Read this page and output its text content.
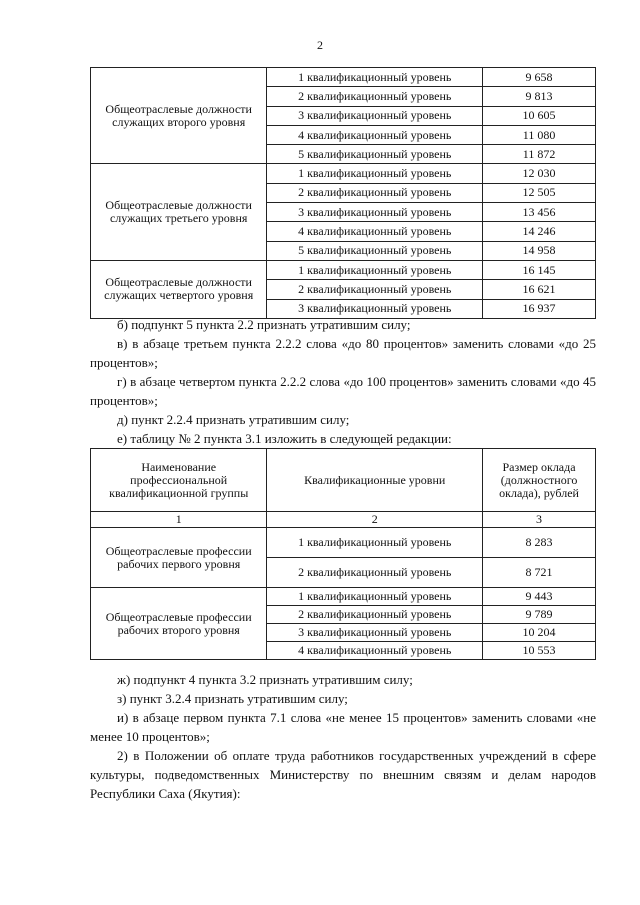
2
Общеотраслевые должности служащих второго уровня	1 квалификационный уровень	9 658
	2 квалификационный уровень	9 813
	3 квалификационный уровень	10 605
	4 квалификационный уровень	11 080
	5 квалификационный уровень	11 872
Общеотраслевые должности служащих третьего уровня	1 квалификационный уровень	12 030
	2 квалификационный уровень	12 505
	3 квалификационный уровень	13 456
	4 квалификационный уровень	14 246
	5 квалификационный уровень	14 958
Общеотраслевые должности служащих четвертого уровня	1 квалификационный уровень	16 145
	2 квалификационный уровень	16 621
	3 квалификационный уровень	16 937

б) подпункт 5 пункта 2.2 признать утратившим силу;

в) в абзаце третьем пункта 2.2.2 слова «до 80 процентов» заменить словами «до 25 процентов»;

г) в абзаце четвертом пункта 2.2.2 слова «до 100 процентов» заменить словами «до 45 процентов»;

д) пункт 2.2.4 признать утратившим силу;

е) таблицу № 2 пункта 3.1 изложить в следующей редакции:

Наименование профессиональной квалификационной группы	Квалификационные уровни	Размер оклада (должностного оклада), рублей
1	2	3
Общеотраслевые профессии рабочих первого уровня	1 квалификационный уровень	8 283
	2 квалификационный уровень	8 721
Общеотраслевые профессии рабочих второго уровня	1 квалификационный уровень	9 443
	2 квалификационный уровень	9 789
	3 квалификационный уровень	10 204
	4 квалификационный уровень	10 553

ж) подпункт 4 пункта 3.2 признать утратившим силу;

з) пункт 3.2.4 признать утратившим силу;

и) в абзаце первом пункта 7.1 слова «не менее 15 процентов» заменить словами «не менее 10 процентов»;

2) в Положении об оплате труда работников государственных учреждений в сфере культуры, подведомственных Министерству по внешним связям и делам народов Республики Саха (Якутия):
